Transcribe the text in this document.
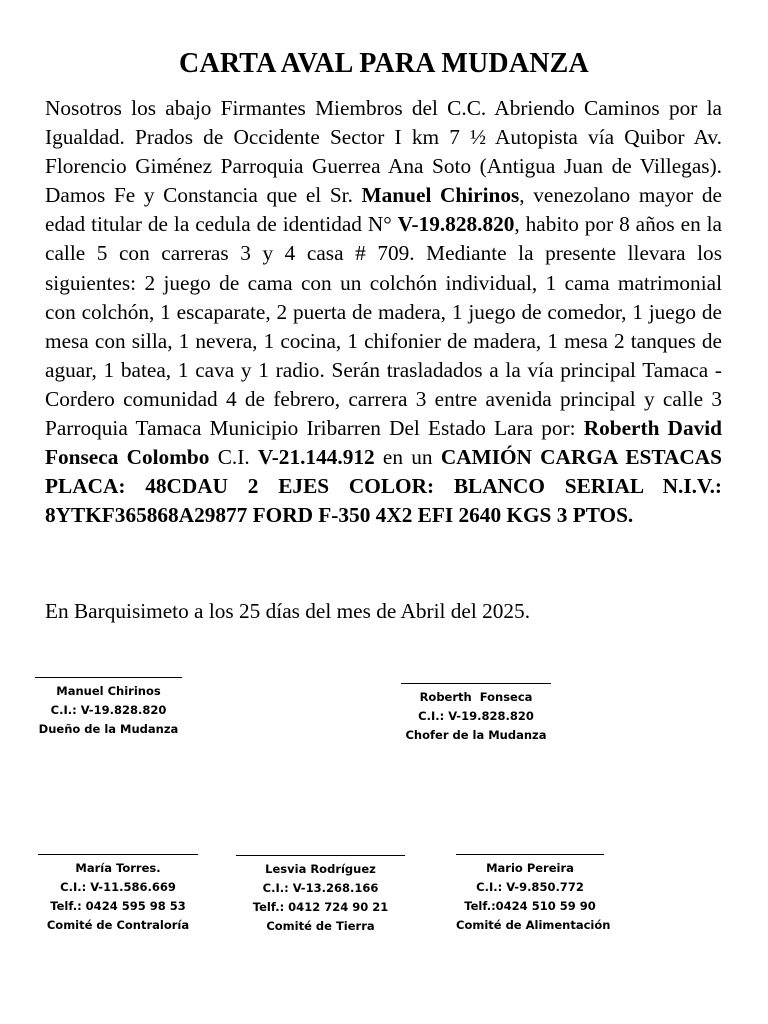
CARTA AVAL PARA MUDANZA

Nosotros los abajo Firmantes Miembros del C.C. Abriendo Caminos por la Igualdad. Prados de Occidente Sector I km 7 ½ Autopista vía Quibor Av. Florencio Giménez Parroquia Guerrea Ana Soto (Antigua Juan de Villegas). Damos Fe y Constancia que el Sr. Manuel Chirinos, venezolano mayor de edad titular de la cedula de identidad N° V-19.828.820, habito por 8 años en la calle 5 con carreras 3 y 4 casa # 709. Mediante la presente llevara los siguientes: 2 juego de cama con un colchón individual, 1 cama matrimonial con colchón, 1 escaparate, 2 puerta de madera, 1 juego de comedor, 1 juego de mesa con silla, 1 nevera, 1 cocina, 1 chifonier de madera, 1 mesa 2 tanques de aguar, 1 batea, 1 cava y 1 radio. Serán trasladados a la vía principal Tamaca - Cordero comunidad 4 de febrero, carrera 3 entre avenida principal y calle 3 Parroquia Tamaca Municipio Iribarren Del Estado Lara por: Roberth David Fonseca Colombo C.I. V-21.144.912 en un CAMIÓN CARGA ESTACAS PLACA: 48CDAU 2 EJES COLOR: BLANCO SERIAL N.I.V.: 8YTKF365868A29877 FORD F-350 4X2 EFI 2640 KGS 3 PTOS.

En Barquisimeto a los 25 días del mes de Abril del 2025.

Manuel Chirinos
C.I.: V-19.828.820
Dueño de la Mudanza
Roberth  Fonseca
C.I.: V-19.828.820
Chofer de la Mudanza
María Torres.
C.I.: V-11.586.669
Telf.: 0424 595 98 53
Comité de Contraloría
Lesvia Rodríguez
C.I.: V-13.268.166
Telf.: 0412 724 90 21
Comité de Tierra
Mario Pereira
C.I.: V-9.850.772
Telf.:0424 510 59 90
Comité de Alimentación
